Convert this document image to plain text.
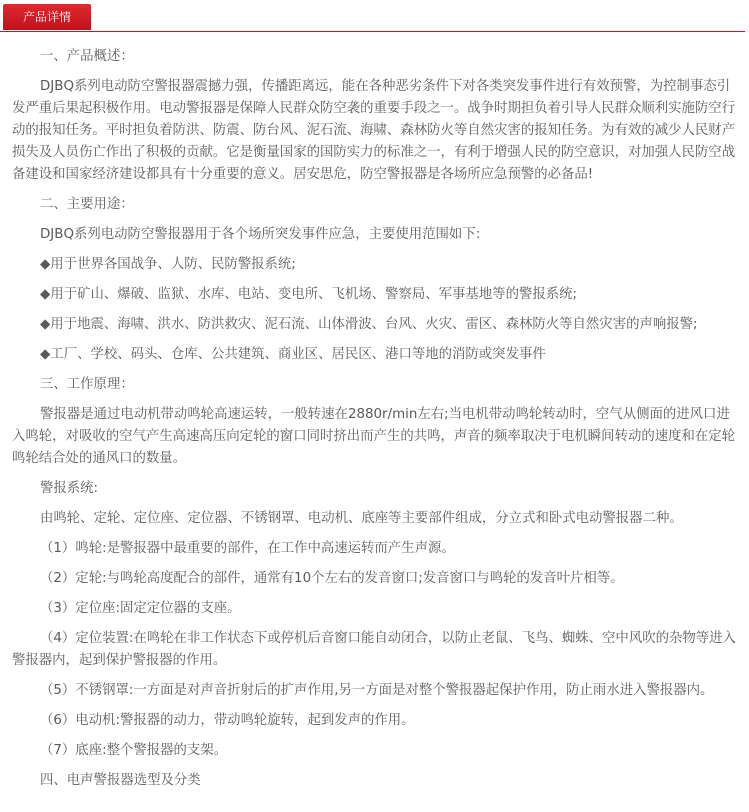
产品详情

一、产品概述：

DJBQ系列电动防空警报器震撼力强，传播距离远，能在各种恶劣条件下对各类突发事件进行有效预警，为控制事态引发严重后果起积极作用。电动警报器是保障人民群众防空袭的重要手段之一。战争时期担负着引导人民群众顺利实施防空行动的报知任务。平时担负着防洪、防震、防台风、泥石流、海啸、森林防火等自然灾害的报知任务。为有效的减少人民财产损失及人员伤亡作出了积极的贡献。它是衡量国家的国防实力的标准之一，有利于增强人民的防空意识，对加强人民防空战备建设和国家经济建设都具有十分重要的意义。居安思危，防空警报器是各场所应急预警的必备品!

二、主要用途：

DJBQ系列电动防空警报器用于各个场所突发事件应急，主要使用范围如下:

◆用于世界各国战争、人防、民防警报系统;

◆用于矿山、爆破、监狱、水库、电站、变电所、飞机场、警察局、军事基地等的警报系统;

◆用于地震、海啸、洪水、防洪救灾、泥石流、山体滑波、台风、火灾、雷区、森林防火等自然灾害的声响报警;

◆工厂、学校、码头、仓库、公共建筑、商业区、居民区、港口等地的消防或突发事件

三、工作原理：

警报器是通过电动机带动鸣轮高速运转，一般转速在2880r/min左右;当电机带动鸣轮转动时，空气从侧面的进风口进入鸣轮，对吸收的空气产生高速高压向定轮的窗口同时挤出而产生的共鸣，声音的频率取决于电机瞬间转动的速度和在定轮鸣轮结合处的通风口的数量。

警报系统:

由鸣轮、定轮、定位座、定位器、不锈钢罩、电动机、底座等主要部件组成，分立式和卧式电动警报器二种。

（1）鸣轮:是警报器中最重要的部件，在工作中高速运转而产生声源。

（2）定轮:与鸣轮高度配合的部件，通常有10个左右的发音窗口;发音窗口与鸣轮的发音叶片相等。

（3）定位座:固定定位器的支座。

（4）定位装置:在鸣轮在非工作状态下或停机后音窗口能自动闭合，以防止老鼠、飞鸟、蜘蛛、空中风吹的杂物等进入警报器内，起到保护警报器的作用。

（5）不锈钢罩:一方面是对声音折射后的扩声作用,另一方面是对整个警报器起保护作用，防止雨水进入警报器内。

（6）电动机:警报器的动力，带动鸣轮旋转，起到发声的作用。

（7）底座:整个警报器的支架。

四、电声警报器选型及分类
